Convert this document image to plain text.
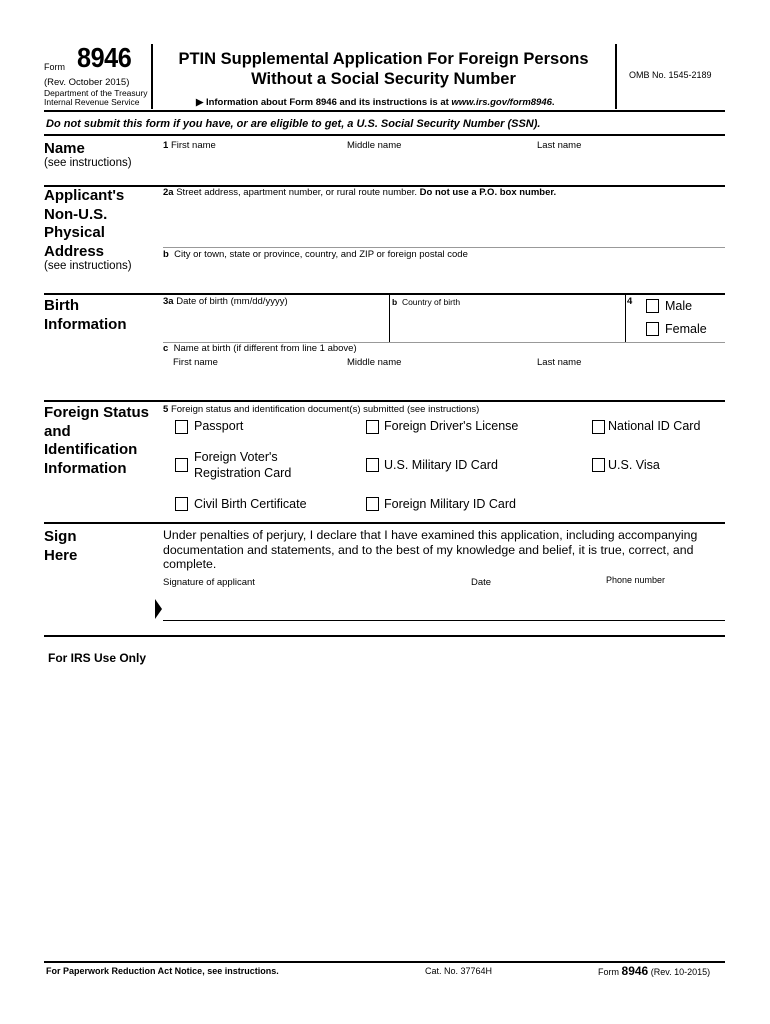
Form 8946
(Rev. October 2015)
Department of the Treasury
Internal Revenue Service
PTIN Supplemental Application For Foreign Persons
Without a Social Security Number
▶ Information about Form 8946 and its instructions is at www.irs.gov/form8946.
OMB No. 1545-2189
Do not submit this form if you have, or are eligible to get, a U.S. Social Security Number (SSN).
Name
(see instructions)
1 First name	Middle name	Last name
Applicant's
Non-U.S.
Physical
Address
(see instructions)
2a Street address, apartment number, or rural route number. Do not use a P.O. box number.
b City or town, state or province, country, and ZIP or foreign postal code
Birth
Information
3a Date of birth (mm/dd/yyyy)	b Country of birth	4	Male
Female
c Name at birth (if different from line 1 above)
First name	Middle name	Last name
Foreign Status
and
Identification
Information
5 Foreign status and identification document(s) submitted (see instructions)
Passport	Foreign Driver's License	National ID Card
Foreign Voter's
Registration Card
U.S. Military ID Card	U.S. Visa
Civil Birth Certificate	Foreign Military ID Card
Sign
Here
Under penalties of perjury, I declare that I have examined this application, including accompanying
documentation and statements, and to the best of my knowledge and belief, it is true, correct, and
complete.
Signature of applicant	Date	Phone number
For IRS Use Only
For Paperwork Reduction Act Notice, see instructions.	Cat. No. 37764H	Form 8946 (Rev. 10-2015)
